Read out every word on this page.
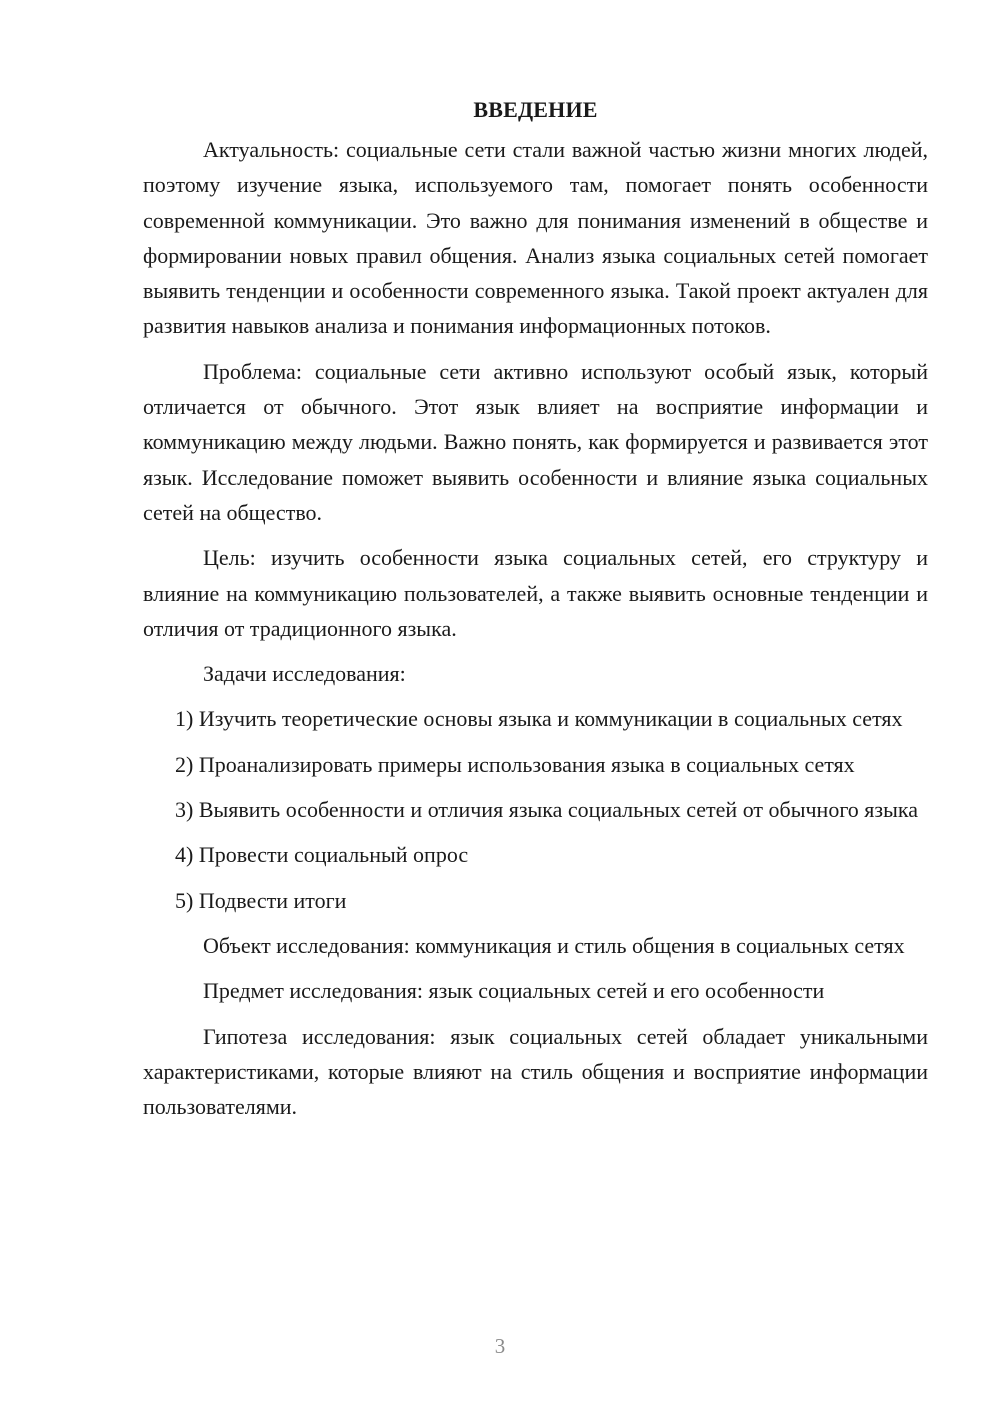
ВВЕДЕНИЕ
Актуальность: социальные сети стали важной частью жизни многих людей, поэтому изучение языка, используемого там, помогает понять особенности современной коммуникации. Это важно для понимания изменений в обществе и формировании новых правил общения. Анализ языка социальных сетей помогает выявить тенденции и особенности современного языка. Такой проект актуален для развития навыков анализа и понимания информационных потоков.
Проблема: социальные сети активно используют особый язык, который отличается от обычного. Этот язык влияет на восприятие информации и коммуникацию между людьми. Важно понять, как формируется и развивается этот язык. Исследование поможет выявить особенности и влияние языка социальных сетей на общество.
Цель: изучить особенности языка социальных сетей, его структуру и влияние на коммуникацию пользователей, а также выявить основные тенденции и отличия от традиционного языка.
Задачи исследования:
1) Изучить теоретические основы языка и коммуникации в социальных сетях
2) Проанализировать примеры использования языка в социальных сетях
3) Выявить особенности и отличия языка социальных сетей от обычного языка
4) Провести социальный опрос
5) Подвести итоги
Объект исследования: коммуникация и стиль общения в социальных сетях
Предмет исследования: язык социальных сетей и его особенности
Гипотеза исследования: язык социальных сетей обладает уникальными характеристиками, которые влияют на стиль общения и восприятие информации пользователями.
3
